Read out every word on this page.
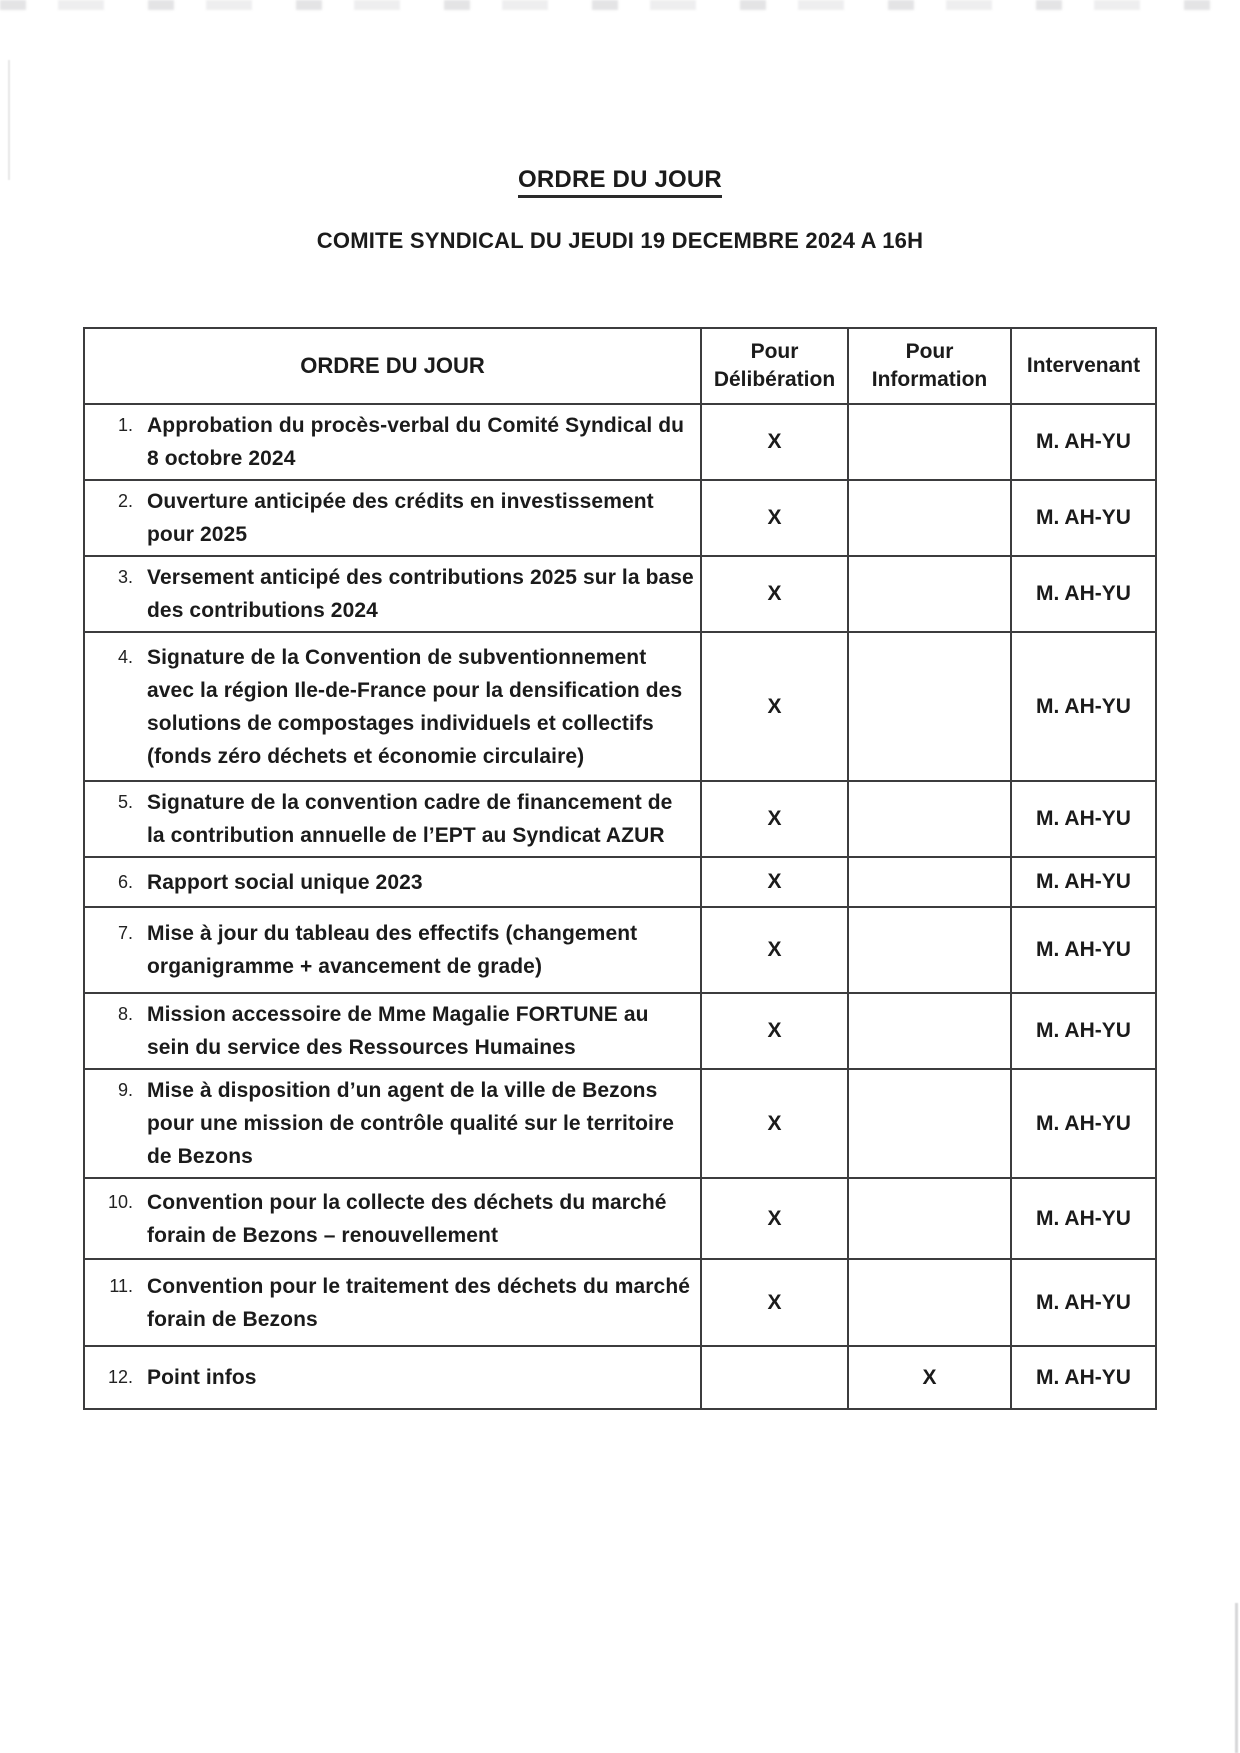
ORDRE DU JOUR
COMITE SYNDICAL DU JEUDI 19 DECEMBRE 2024 A 16H
ORDRE DU JOUR	Pour Délibération	Pour Information	Intervenant

1. Approbation du procès-verbal du Comité Syndical du 8 octobre 2024	X		M. AH-YU

2. Ouverture anticipée des crédits en investissement pour 2025	X		M. AH-YU

3. Versement anticipé des contributions 2025 sur la base des contributions 2024	X		M. AH-YU

4. Signature de la Convention de subventionnement avec la région Ile-de-France pour la densification des solutions de compostages individuels et collectifs (fonds zéro déchets et économie circulaire)	X		M. AH-YU

5. Signature de la convention cadre de financement de la contribution annuelle de l’EPT au Syndicat AZUR	X		M. AH-YU

6. Rapport social unique 2023	X		M. AH-YU

7. Mise à jour du tableau des effectifs (changement organigramme + avancement de grade)	X		M. AH-YU

8. Mission accessoire de Mme Magalie FORTUNE au sein du service des Ressources Humaines	X		M. AH-YU

9. Mise à disposition d’un agent de la ville de Bezons pour une mission de contrôle qualité sur le territoire de Bezons	X		M. AH-YU

10. Convention pour la collecte des déchets du marché forain de Bezons – renouvellement	X		M. AH-YU

11. Convention pour le traitement des déchets du marché forain de Bezons	X		M. AH-YU

12. Point infos		X	M. AH-YU
